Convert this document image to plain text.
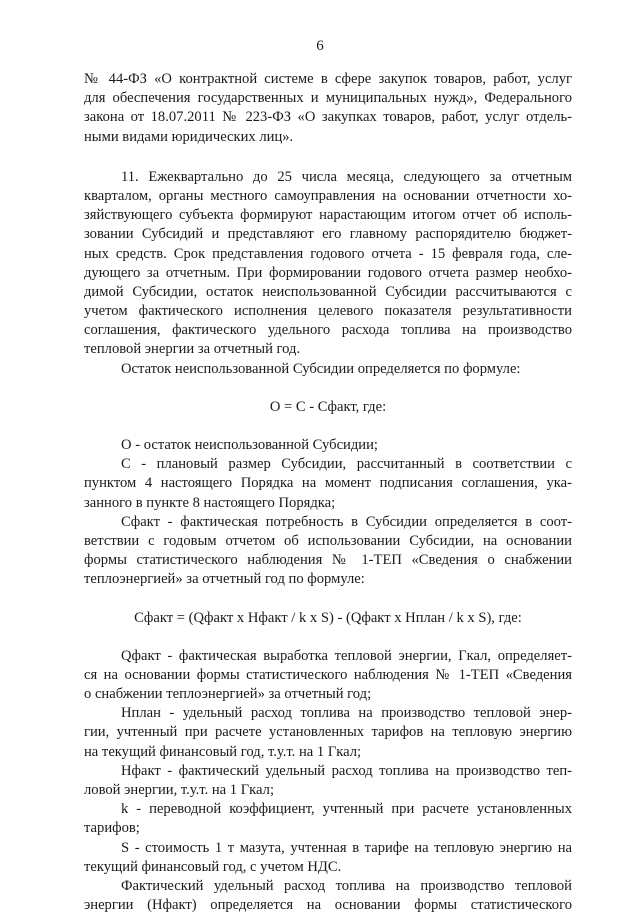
6
№ 44-ФЗ «О контрактной системе в сфере закупок товаров, работ, услуг
для обеспечения государственных и муниципальных нужд», Федерального
закона от 18.07.2011 № 223-ФЗ «О закупках товаров, работ, услуг отдель-
ными видами юридических лиц».
11. Ежеквартально до 25 числа месяца, следующего за отчетным
кварталом, органы местного самоуправления на основании отчетности хо-
зяйствующего субъекта формируют нарастающим итогом отчет об исполь-
зовании Субсидий и представляют его главному распорядителю бюджет-
ных средств. Срок представления годового отчета - 15 февраля года, сле-
дующего за отчетным. При формировании годового отчета размер необхо-
димой Субсидии, остаток неиспользованной Субсидии рассчитываются с
учетом фактического исполнения целевого показателя результативности
соглашения, фактического удельного расхода топлива на производство
тепловой энергии за отчетный год.
Остаток неиспользованной Субсидии определяется по формуле:
O = C - Сфакт, где:
O - остаток неиспользованной Субсидии;
C - плановый размер Субсидии, рассчитанный в соответствии с
пунктом 4 настоящего Порядка на момент подписания соглашения, ука-
занного в пункте 8 настоящего Порядка;
Сфакт - фактическая потребность в Субсидии определяется в соот-
ветствии с годовым отчетом об использовании Субсидии, на основании
формы статистического наблюдения № 1-ТЕП «Сведения о снабжении
теплоэнергией» за отчетный год по формуле:
Сфакт = (Qфакт х Нфакт / k х S) - (Qфакт х Нплан / k х S), где:
Qфакт - фактическая выработка тепловой энергии, Гкал, определяет-
ся на основании формы статистического наблюдения № 1-ТЕП «Сведения
о снабжении теплоэнергией» за отчетный год;
Нплан - удельный расход топлива на производство тепловой энер-
гии, учтенный при расчете установленных тарифов на тепловую энергию
на текущий финансовый год, т.у.т. на 1 Гкал;
Нфакт - фактический удельный расход топлива на производство теп-
ловой энергии, т.у.т. на 1 Гкал;
k - переводной коэффициент, учтенный при расчете установленных
тарифов;
S - стоимость 1 т мазута, учтенная в тарифе на тепловую энергию на
текущий финансовый год, с учетом НДС.
Фактический удельный расход топлива на производство тепловой
энергии (Нфакт) определяется на основании формы статистического
